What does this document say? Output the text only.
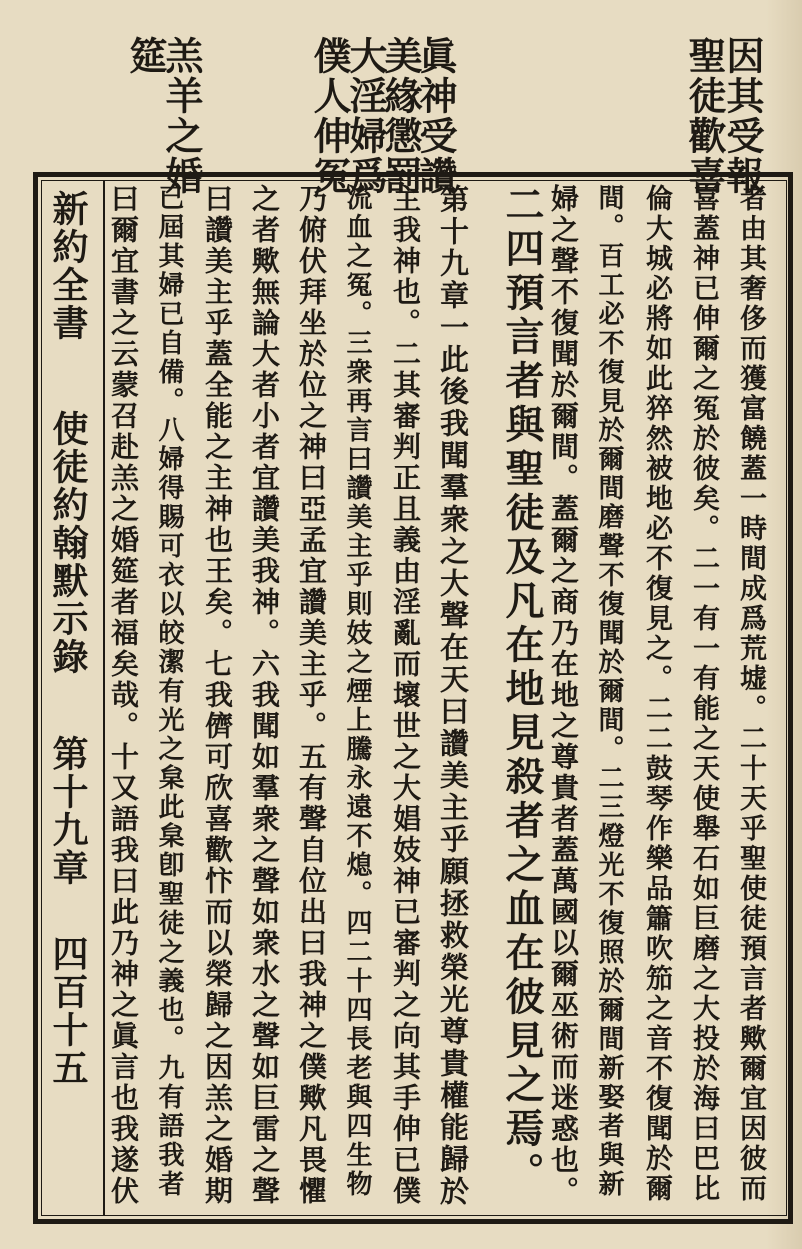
因其受報
聖徒歡喜
眞神受讚
美緣懲罰
大淫婦爲
僕人伸冤
羔羊之婚
筵
新約全書
使徒約翰默示錄
第十九章
四百十五	者由其奢侈而獲富饒蓋一時間成爲荒墟。二十天乎聖使徒預言者歟爾宜因彼而
喜蓋神已伸爾之冤於彼矣。二一有一有能之天使舉石如巨磨之大投於海曰巴比
倫大城必將如此猝然被地必不復見之。二二鼓琴作樂品簫吹笳之音不復聞於爾
間。百工必不復見於爾間磨聲不復聞於爾間。二三燈光不復照於爾間新娶者與新
婦之聲不復聞於爾間。蓋爾之商乃在地之尊貴者蓋萬國以爾巫術而迷惑也。
二四預言者與聖徒及凡在地見殺者之血在彼見之焉。
第十九章一此後我聞羣衆之大聲在天曰讚美主乎願拯救榮光尊貴權能歸於
主我神也。二其審判正且義由淫亂而壞世之大娼妓神已審判之向其手伸已僕
流血之冤。三衆再言曰讚美主乎則妓之煙上騰永遠不熄。四二十四長老與四生物
乃俯伏拜坐於位之神曰亞孟宜讚美主乎。五有聲自位出曰我神之僕歟凡畏懼
之者歟無論大者小者宜讚美我神。六我聞如羣衆之聲如衆水之聲如巨雷之聲
曰讚美主乎蓋全能之主神也王矣。七我儕可欣喜歡忭而以榮歸之因羔之婚期
已屆其婦已自備。八婦得賜可衣以皎潔有光之枲此枲卽聖徒之義也。九有語我者
曰爾宜書之云蒙召赴羔之婚筵者福矣哉。十又語我曰此乃神之眞言也我遂伏
